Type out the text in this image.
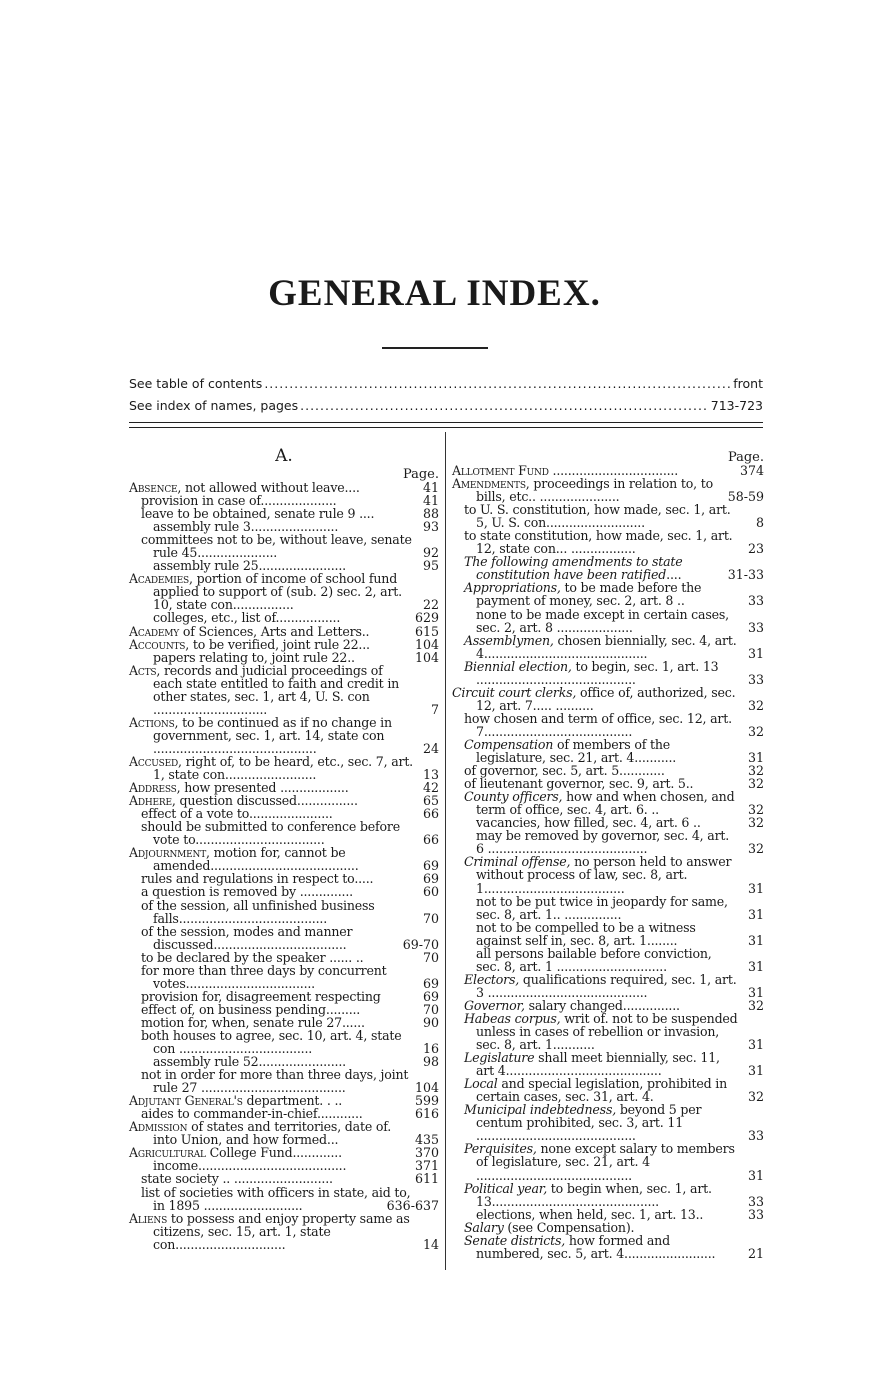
GENERAL INDEX.
See table of contents .....	front
See index of names, pages .....	713-723
A.
Page.
Absence, not allowed without leave....	41
provision in case of....................	41
leave to be obtained, senate rule 9 ....	88
assembly rule 3.......................	93
committees not to be, without leave, senate rule 45.....................	92
assembly rule 25.......................	95
Academies, portion of income of school fund applied to support of (sub. 2) sec. 2, art. 10, state con................	22
colleges, etc., list of.................	629
Academy of Sciences, Arts and Letters..	615
Accounts, to be verified, joint rule 22...	104
papers relating to, joint rule 22..	104
Acts, records and judicial proceedings of each state entitled to faith and credit in other states, sec. 1, art 4, U. S. con ..............................	7
Actions, to be continued as if no change in government, sec. 1, art. 14, state con ...........................................	24
Accused, right of, to be heard, etc., sec. 7, art. 1, state con........................	13
Address, how presented ..................	42
Adhere, question discussed................	65
effect of a vote to......................	66
should be submitted to conference before vote to..................................	66
Adjournment, motion for, cannot be amended.......................................	69
rules and regulations in respect to.....	69
a question is removed by ..............	60
of the session, all unfinished business falls.......................................	70
of the session, modes and manner discussed...................................	69-70
to be declared by the speaker ...... ..	70
for more than three days by concurrent votes..................................	69
provision for, disagreement respecting	69
effect of, on business pending.........	70
motion for, when, senate rule 27......	90
both houses to agree, sec. 10, art. 4, state con ...................................	16
assembly rule 52.......................	98
not in order for more than three days, joint rule 27 ......................................	104
Adjutant General's department. . ..	599
aides to commander-in-chief............	616
Admission of states and territories, date of. into Union, and how formed...	435
Agricultural College Fund.............	370
income.......................................	371
state society .. ..........................	611
list of societies with officers in state, aid to, in 1895 ..........................	636-637
Aliens to possess and enjoy property same as citizens, sec. 15, art. 1, state con.............................	14
Page.
Allotment Fund .................................	374
Amendments, proceedings in relation to, to bills, etc.. .....................	58-59
to U. S. constitution, how made, sec. 1, art. 5, U. S. con..........................	8
to state constitution, how made, sec. 1, art. 12, state con... .................	23
The following amendments to state constitution have been ratified....	31-33
Appropriations, to be made before the payment of money, sec. 2, art. 8 ..	33
none to be made except in certain cases, sec. 2, art. 8 ....................	33
Assemblymen, chosen biennially, sec. 4, art. 4...........................................	31
Biennial election, to begin, sec. 1, art. 13 ..........................................	33
Circuit court clerks, office of, authorized, sec. 12, art. 7..... ..........	32
how chosen and term of office, sec. 12, art. 7.......................................	32
Compensation of members of the legislature, sec. 21, art. 4...........	31
of governor, sec. 5, art. 5............	32
of lieutenant governor, sec. 9, art. 5..	32
County officers, how and when chosen, and term of office, sec. 4, art. 6. ..	32
vacancies, how filled, sec. 4, art. 6 ..	32
may be removed by governor, sec. 4, art. 6 ..........................................	32
Criminal offense, no person held to answer without process of law, sec. 8, art. 1.....................................	31
not to be put twice in jeopardy for same, sec. 8, art. 1.. ...............	31
not to be compelled to be a witness against self in, sec. 8, art. 1........	31
all persons bailable before conviction, sec. 8, art. 1 .............................	31
Electors, qualifications required, sec. 1, art. 3 ..........................................	31
Governor, salary changed...............	32
Habeas corpus, writ of. not to be suspended unless in cases of rebellion or invasion, sec. 8, art. 1...........	31
Legislature shall meet biennially, sec. 11, art 4.........................................	31
Local and special legislation, prohibited in certain cases, sec. 31, art. 4.	32
Municipal indebtedness, beyond 5 per centum prohibited, sec. 3, art. 11 ..........................................	33
Perquisites, none except salary to members of legislature, sec. 21, art. 4 .........................................	31
Political year, to begin when, sec. 1, art. 13............................................	33
elections, when held, sec. 1, art. 13..	33
Salary (see Compensation).
Senate districts, how formed and numbered, sec. 5, art. 4........................	21
